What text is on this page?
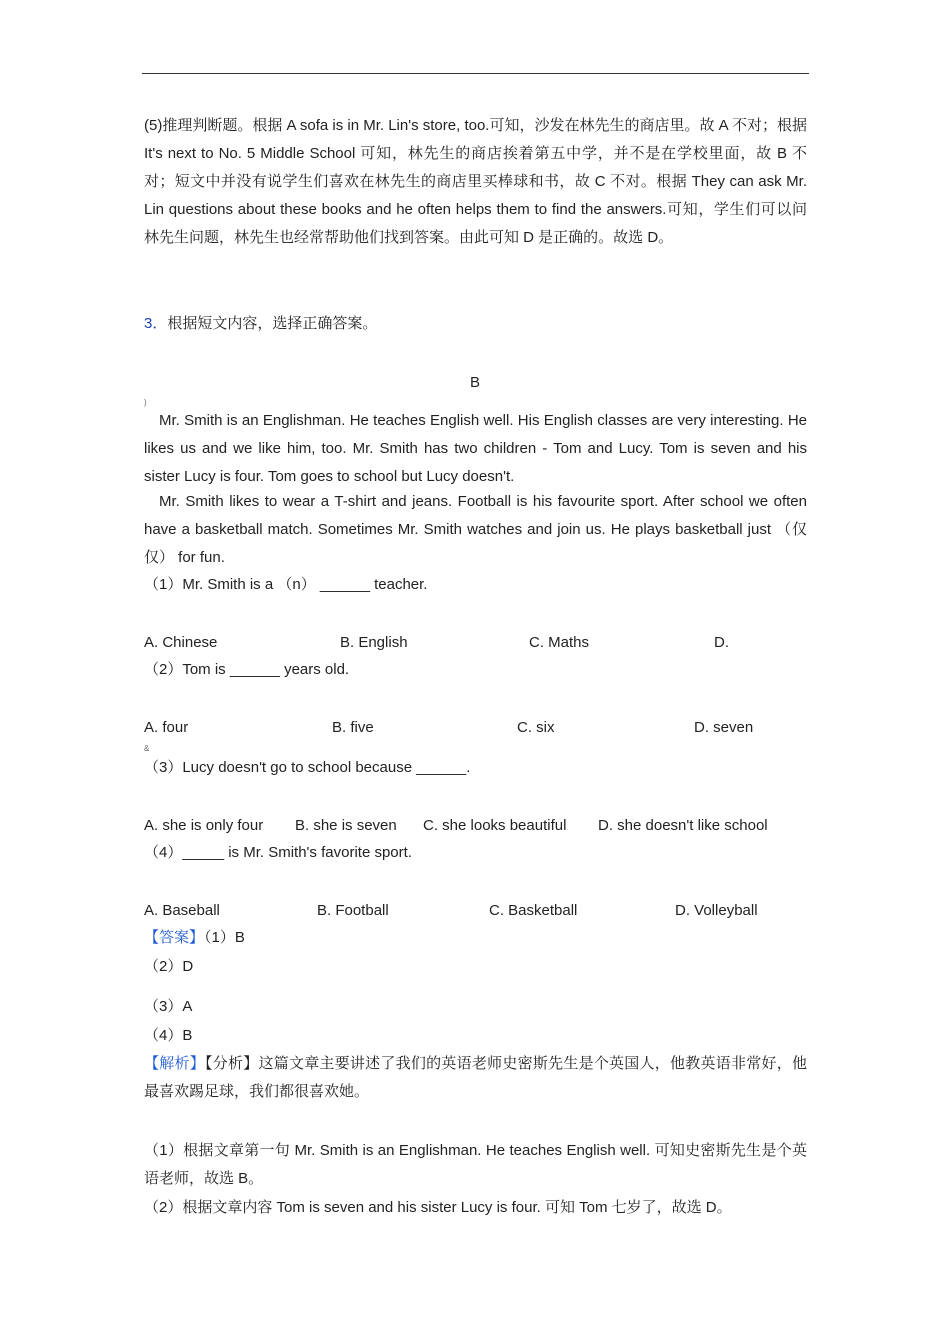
(5)推理判断题。根据 A sofa is in Mr. Lin's store, too.可知，沙发在林先生的商店里。故 A 不对；根据 It's next to No. 5 Middle School 可知，林先生的商店挨着第五中学，并不是在学校里面，故 B 不对；短文中并没有说学生们喜欢在林先生的商店里买棒球和书，故 C 不对。根据 They can ask Mr. Lin questions about these books and he often helps them to find the answers.可知，学生们可以问林先生问题，林先生也经常帮助他们找到答案。由此可知 D 是正确的。故选 D。
3．根据短文内容，选择正确答案。
B
)
Mr. Smith is an Englishman. He teaches English well. His English classes are very interesting. He likes us and we like him, too. Mr. Smith has two children - Tom and Lucy. Tom is seven and his sister Lucy is four. Tom goes to school but Lucy doesn't.
Mr. Smith likes to wear a T-shirt and jeans. Football is his favourite sport. After school we often have a basketball match. Sometimes Mr. Smith watches and join us. He plays basketball just （仅仅） for fun.
（1）Mr. Smith is a （n） ______ teacher.
A. Chinese	B. English	C. Maths	D.
（2）Tom is ______ years old.
A. four	B. five	C. six	D. seven
&
（3）Lucy doesn't go to school because ______.
A. she is only four B. she is seven C. she looks beautiful D. she doesn't like school
（4）_____ is Mr. Smith's favorite sport.
A. Baseball	B. Football	C. Basketball	D. Volleyball
【答案】（1）B
（2）D
（3）A
（4）B
【解析】【分析】这篇文章主要讲述了我们的英语老师史密斯先生是个英国人，他教英语非常好，他最喜欢踢足球，我们都很喜欢她。
（1）根据文章第一句 Mr. Smith is an Englishman. He teaches English well. 可知史密斯先生是个英语老师，故选 B。
（2）根据文章内容 Tom is seven and his sister Lucy is four. 可知 Tom 七岁了，故选 D。
